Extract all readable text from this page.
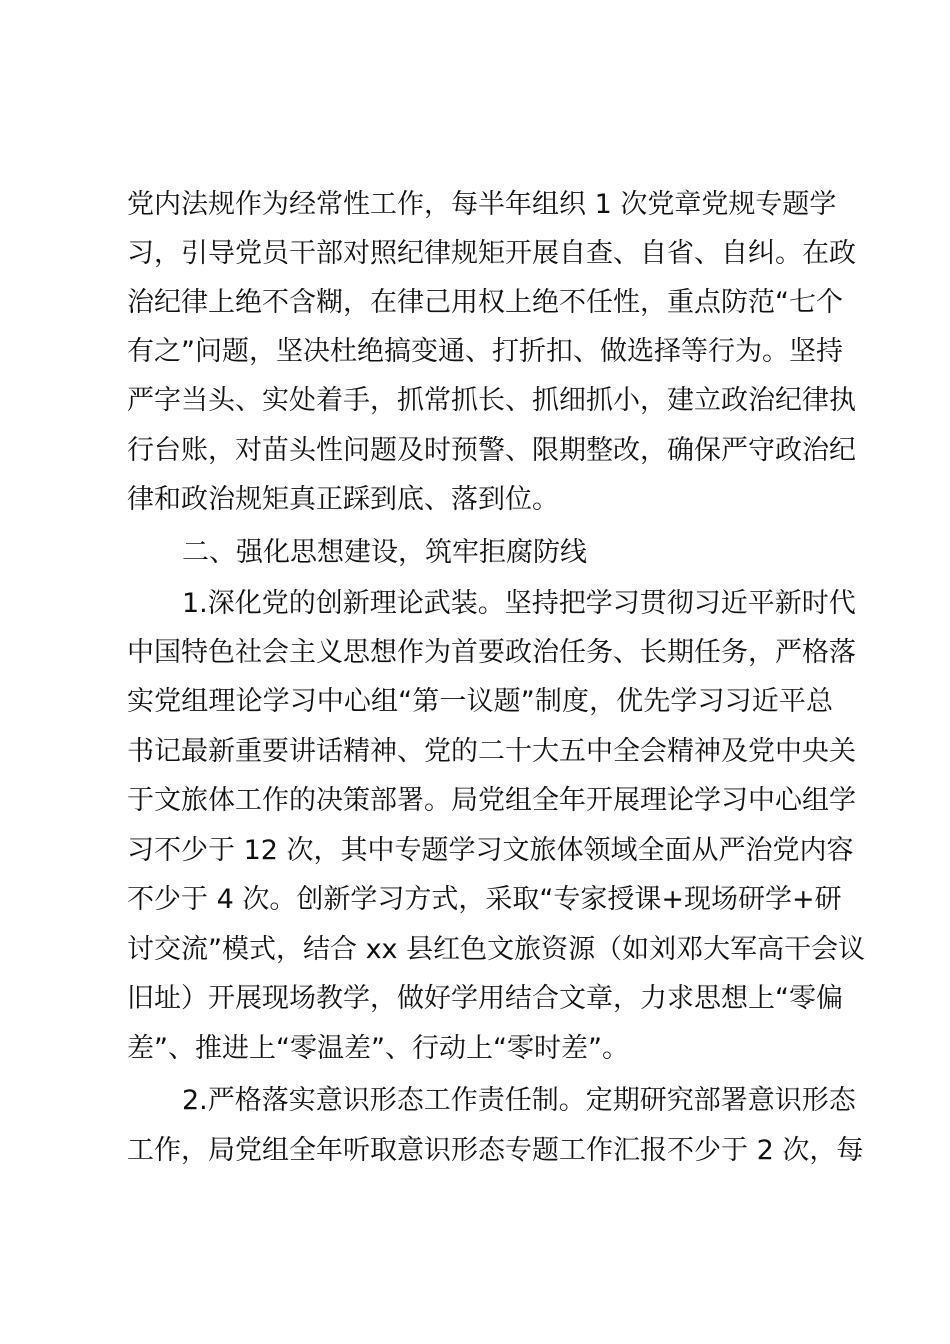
党内法规作为经常性工作，每半年组织 1 次党章党规专题学
习，引导党员干部对照纪律规矩开展自查、自省、自纠。在政
治纪律上绝不含糊，在律己用权上绝不任性，重点防范“七个
有之”问题，坚决杜绝搞变通、打折扣、做选择等行为。坚持
严字当头、实处着手，抓常抓长、抓细抓小，建立政治纪律执
行台账，对苗头性问题及时预警、限期整改，确保严守政治纪
律和政治规矩真正踩到底、落到位。
二、强化思想建设，筑牢拒腐防线
1.深化党的创新理论武装。坚持把学习贯彻习近平新时代
中国特色社会主义思想作为首要政治任务、长期任务，严格落
实党组理论学习中心组“第一议题”制度，优先学习习近平总
书记最新重要讲话精神、党的二十大五中全会精神及党中央关
于文旅体工作的决策部署。局党组全年开展理论学习中心组学
习不少于 12 次，其中专题学习文旅体领域全面从严治党内容
不少于 4 次。创新学习方式，采取“专家授课+现场研学+研
讨交流”模式，结合 xx 县红色文旅资源（如刘邓大军高干会议
旧址）开展现场教学，做好学用结合文章，力求思想上“零偏
差”、推进上“零温差”、行动上“零时差”。
2.严格落实意识形态工作责任制。定期研究部署意识形态
工作，局党组全年听取意识形态专题工作汇报不少于 2 次，每
